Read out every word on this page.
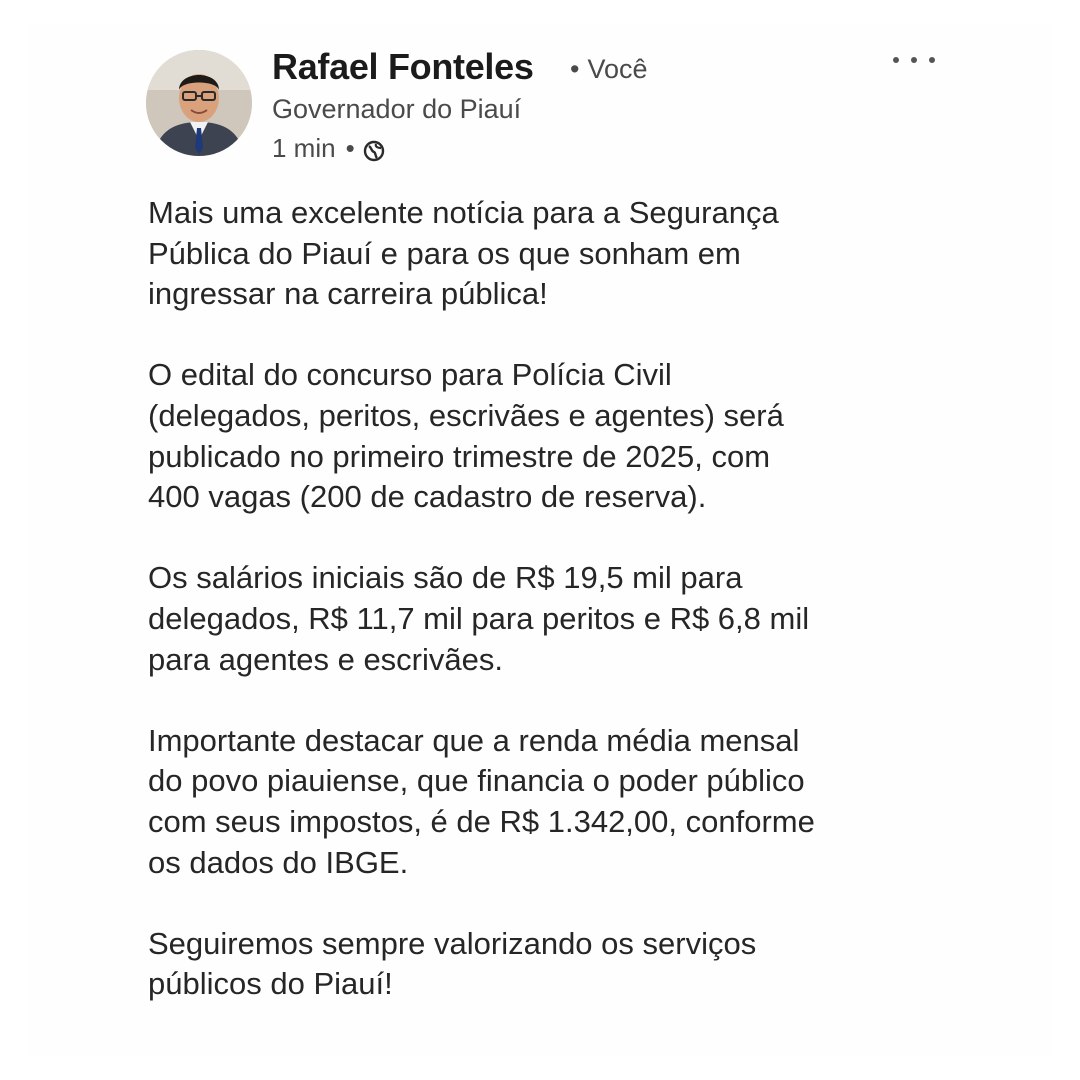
Rafael Fonteles • Você
Governador do Piauí
1 min •
Mais uma excelente notícia para a Segurança
Pública do Piauí e para os que sonham em
ingressar na carreira pública!
O edital do concurso para Polícia Civil
(delegados, peritos, escrivães e agentes) será
publicado no primeiro trimestre de 2025, com
400 vagas (200 de cadastro de reserva).
Os salários iniciais são de R$ 19,5 mil para
delegados, R$ 11,7 mil para peritos e R$ 6,8 mil
para agentes e escrivães.
Importante destacar que a renda média mensal
do povo piauiense, que financia o poder público
com seus impostos, é de R$ 1.342,00, conforme
os dados do IBGE.
Seguiremos sempre valorizando os serviços
públicos do Piauí!
